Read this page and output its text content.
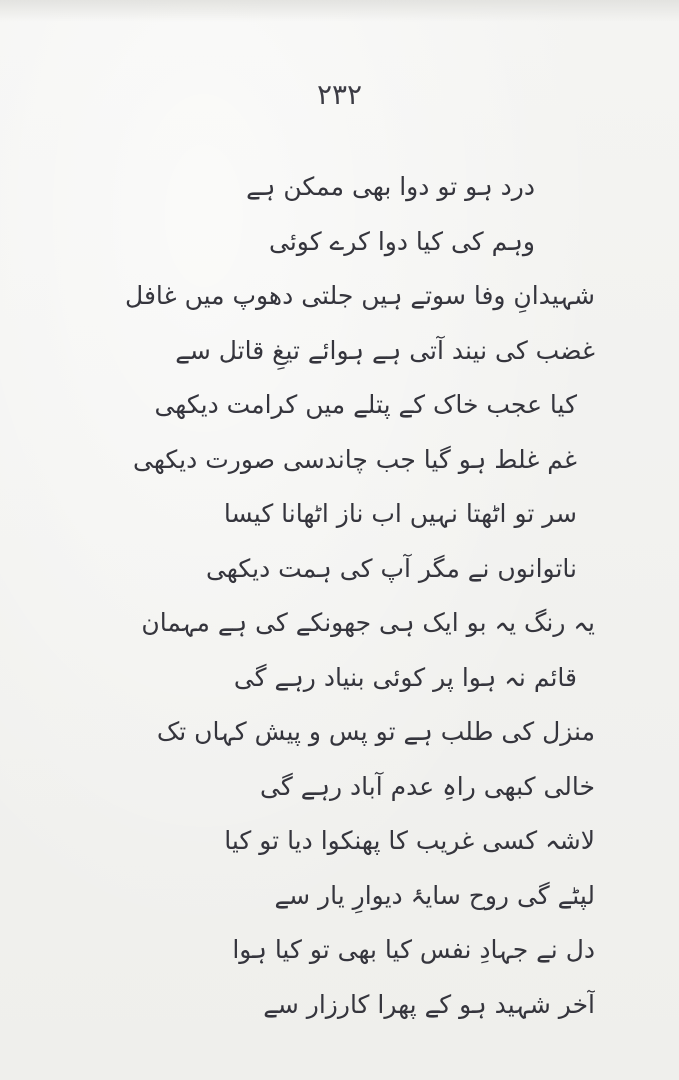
۲۳۲
درد ہو تو دوا بھی ممکن ہے
وہم کی کیا دوا کرے کوئی
شہیدانِ وفا سوتے ہیں جلتی دھوپ میں غافل
غضب کی نیند آتی ہے ہوائے تیغِ قاتل سے
کیا عجب خاک کے پتلے میں کرامت دیکھی
غم غلط ہو گیا جب چاندسی صورت دیکھی
سر تو اٹھتا نہیں اب ناز اٹھانا کیسا
ناتوانوں نے مگر آپ کی ہمت دیکھی
یہ رنگ یہ بو ایک ہی جھونکے کی ہے مہمان
قائم نہ ہوا پر کوئی بنیاد رہے گی
منزل کی طلب ہے تو پس و پیش کہاں تک
خالی کبھی راہِ عدم آباد رہے گی
لاشہ کسی غریب کا پھنکوا دیا تو کیا
لپٹے گی روح سایۂ دیوارِ یار سے
دل نے جہادِ نفس کیا بھی تو کیا ہوا
آخر شہید ہو کے پھرا کارزار سے
